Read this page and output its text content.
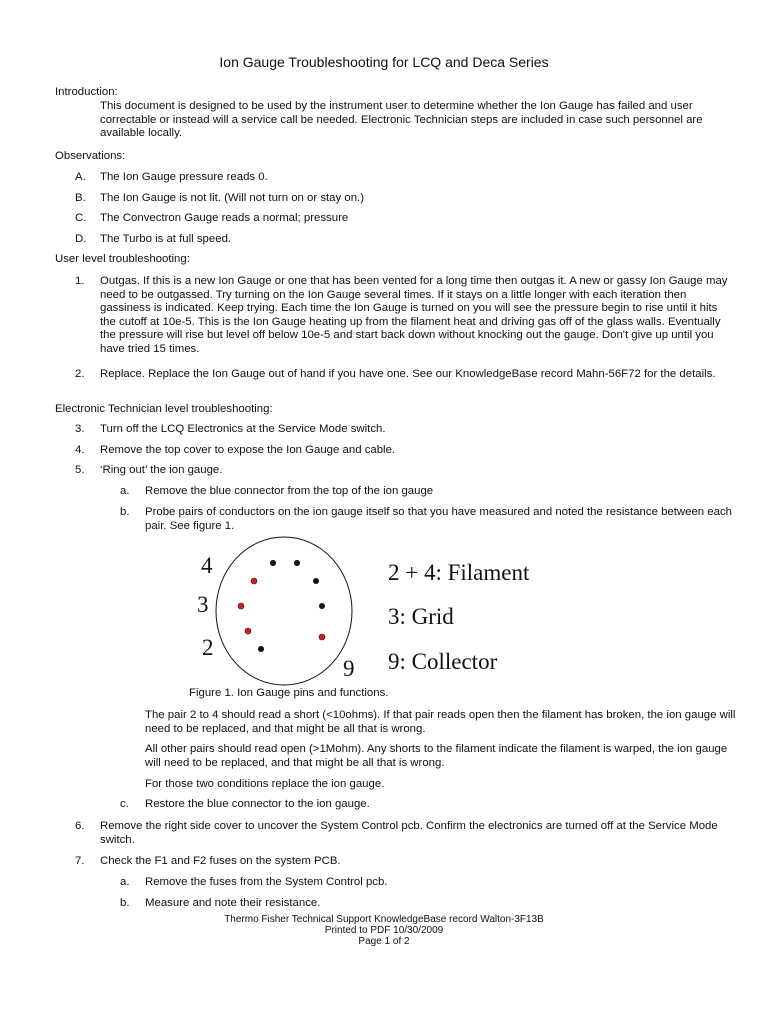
Ion Gauge Troubleshooting for LCQ and Deca Series
Introduction:
This document is designed to be used by the instrument user to determine whether the Ion Gauge has failed and user correctable or instead will a service call be needed. Electronic Technician steps are included in case such personnel are available locally.
Observations:
A. The Ion Gauge pressure reads 0.
B. The Ion Gauge is not lit. (Will not turn on or stay on.)
C. The Convectron Gauge reads a normal; pressure
D. The Turbo is at full speed.
User level troubleshooting:
1. Outgas. If this is a new Ion Gauge or one that has been vented for a long time then outgas it. A new or gassy Ion Gauge may need to be outgassed. Try turning on the Ion Gauge several times. If it stays on a little longer with each iteration then gassiness is indicated. Keep trying. Each time the Ion Gauge is turned on you will see the pressure begin to rise until it hits the cutoff at 10e-5. This is the Ion Gauge heating up from the filament heat and driving gas off of the glass walls. Eventually the pressure will rise but level off below 10e-5 and start back down without knocking out the gauge. Don't give up until you have tried 15 times.
2. Replace. Replace the Ion Gauge out of hand if you have one. See our KnowledgeBase record Mahn-56F72 for the details.
Electronic Technician level troubleshooting:
3. Turn off the LCQ Electronics at the Service Mode switch.
4. Remove the top cover to expose the Ion Gauge and cable.
5. ‘Ring out’ the ion gauge.
a. Remove the blue connector from the top of the ion gauge
b. Probe pairs of conductors on the ion gauge itself so that you have measured and noted the resistance between each pair. See figure 1.
4
3
2
9
2 + 4: Filament
3: Grid
9: Collector
Figure 1. Ion Gauge pins and functions.
The pair 2 to 4 should read a short (<10ohms). If that pair reads open then the filament has broken, the ion gauge will need to be replaced, and that might be all that is wrong.
All other pairs should read open (>1Mohm). Any shorts to the filament indicate the filament is warped, the ion gauge will need to be replaced, and that might be all that is wrong.
For those two conditions replace the ion gauge.
c. Restore the blue connector to the ion gauge.
6. Remove the right side cover to uncover the System Control pcb. Confirm the electronics are turned off at the Service Mode switch.
7. Check the F1 and F2 fuses on the system PCB.
a. Remove the fuses from the System Control pcb.
b. Measure and note their resistance.
Thermo Fisher Technical Support KnowledgeBase record Walton-3F13B
Printed to PDF 10/30/2009
Page 1 of 2
